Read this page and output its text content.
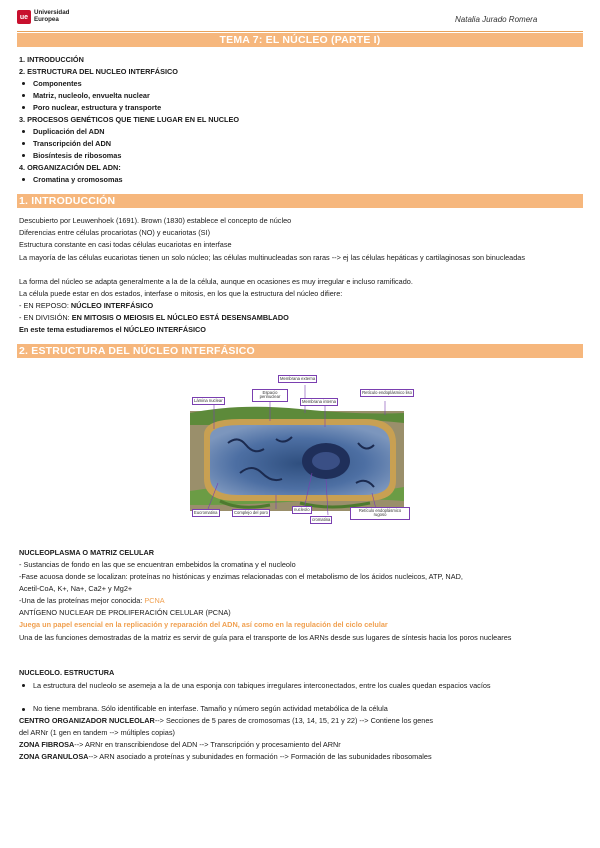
ue
Universidad
Europea	Natalia Jurado Romera
TEMA 7: EL NÚCLEO (PARTE I)
1. INTRODUCCIÓN
2. ESTRUCTURA DEL NUCLEO INTERFÁSICO
Componentes
Matriz, nucleolo, envuelta nuclear
Poro nuclear, estructura y transporte
3. PROCESOS GENÉTICOS QUE TIENE LUGAR EN EL NUCLEO
Duplicación del ADN
Transcripción del ADN
Biosíntesis de ribosomas
4. ORGANIZACIÓN DEL ADN:
Cromatina y cromosomas
1. INTRODUCCIÓN
Descubierto por Leuwenhoek (1691). Brown (1830) establece el concepto de núcleo
Diferencias entre células procariotas (NO) y eucariotas (SI)
Estructura constante en casi todas células eucariotas en interfase
La mayoría de las células eucariotas tienen un solo núcleo; las células multinucleadas son raras --> ej las células hepáticas y cartilaginosas son binucleadas
La forma del núcleo se adapta generalmente a la de la célula, aunque en ocasiones es muy irregular e incluso ramificado.
La célula puede estar en dos estados, interfase o mitosis, en los que la estructura del núcleo difiere:
- EN REPOSO: NÚCLEO INTERFÁSICO
- EN DIVISIÓN: EN MITOSIS O MEIOSIS EL NÚCLEO ESTÁ DESENSAMBLADO
En este tema estudiaremos el NÚCLEO INTERFÁSICO
2. ESTRUCTURA DEL NÚCLEO INTERFÁSICO
Membrana externa
Espacio perinuclear
Retículo endoplásmico liso
Lámina nuclear	Membrana interna
Eucromatina	Complejo del poro
nucleolo
cromatina
Retículo endoplásmico rugoso
NUCLEOPLASMA O MATRIZ CELULAR
- Sustancias de fondo en las que se encuentran embebidos la cromatina y el nucleolo
-Fase acuosa donde se localizan: proteínas no histónicas y enzimas relacionadas con el metabolismo de los ácidos nucleicos, ATP, NAD,
Acetil-CoA, K+, Na+, Ca2+ y Mg2+
-Una de las proteínas mejor conocida: PCNA
ANTÍGENO NUCLEAR DE PROLIFERACIÓN CELULAR (PCNA)
Juega un papel esencial en la replicación y reparación del ADN, así como en la regulación del ciclo celular
Una de las funciones demostradas de la matriz es servir de guía para el transporte de los ARNs desde sus lugares de síntesis hacia los poros nucleares
NUCLEOLO. ESTRUCTURA
La estructura del nucleolo se asemeja a la de una esponja con tabiques irregulares interconectados, entre los cuales quedan espacios vacíos
No tiene membrana. Sólo identificable en interfase. Tamaño y número según actividad metabólica de la célula
CENTRO ORGANIZADOR NUCLEOLAR--> Secciones de 5 pares de cromosomas (13, 14, 15, 21 y 22) --> Contiene los genes
del ARNr (1 gen en tandem --> múltiples copias)
ZONA FIBROSA--> ARNr en transcribiendose del ADN --> Transcripción y procesamiento del ARNr
ZONA GRANULOSA--> ARN asociado a proteínas y subunidades en formación --> Formación de las subunidades ribosomales
